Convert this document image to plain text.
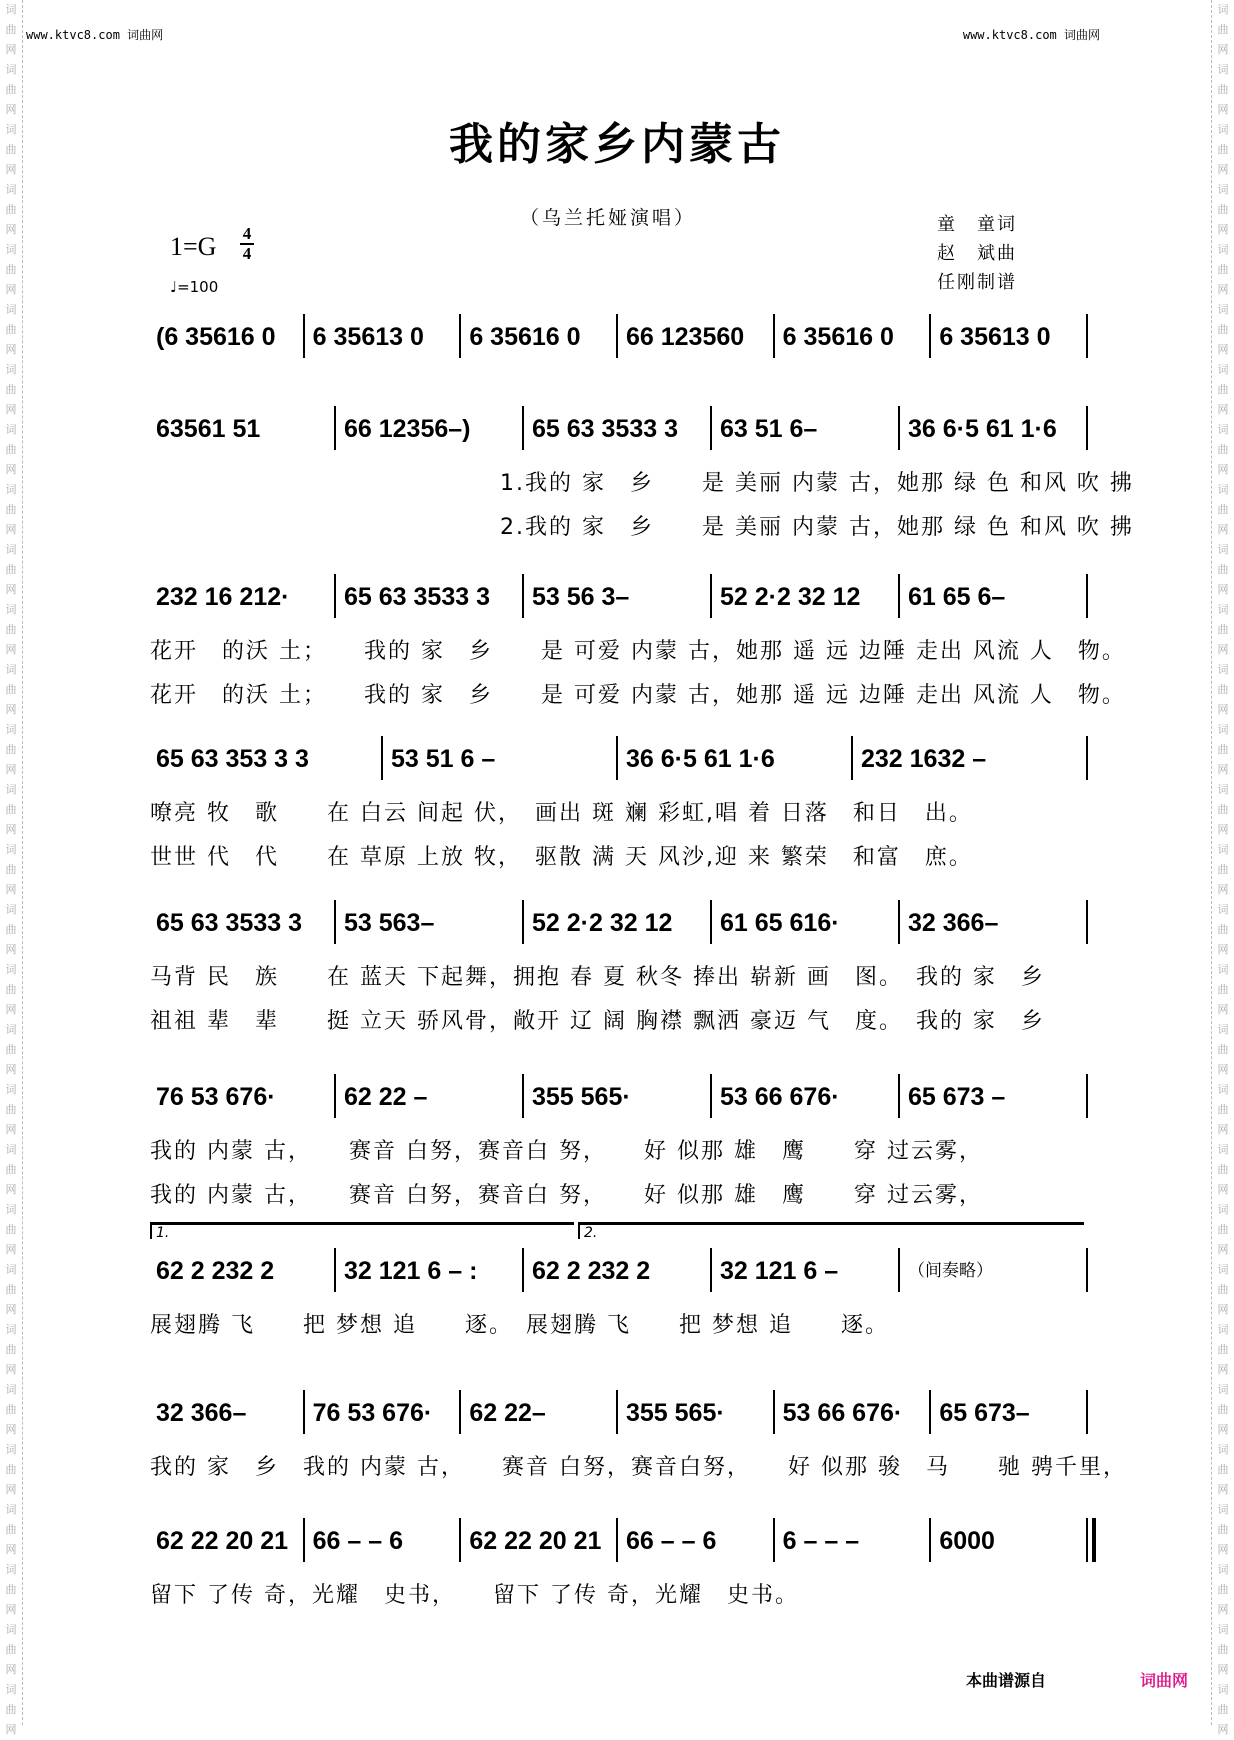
词
曲
网
词
曲
网
词
曲
网
词
曲
网
词
曲
网
词
曲
网
词
曲
网
词
曲
网
词
曲
网
词
曲
网
词
曲
网
词
曲
网
词
曲
网
词
曲
网
词
曲
网
词
曲
网
词
曲
网
词
曲
网
词
曲
网
词
曲
网
词
曲
网
词
曲
网
词
曲
网
词
曲
网
词
曲
网
词
曲
网
词
曲
网
词
曲
网
词
曲
网
词
曲
网
词
曲
网
词
曲
网
词
曲
网
词
曲
网
词
曲
网
词
曲
网
词
曲
网
词
曲
网
词
曲
网
词
曲
网
词
曲
网
词
曲
网
词
曲
网
词
曲
网
词
曲
网
词
曲
网
词
曲
网
词
曲
网
词
曲
网
词
曲
网
词
曲
网
词
曲
网
词
曲
网
词
曲
网
词
曲
网
词
曲
网
词
曲
网
词
曲
网
www.ktvc8.com 词曲网	www.ktvc8.com 词曲网
我的家乡内蒙古
（乌兰托娅演唱）	童　童词
赵　斌曲
任刚制谱
1=G 4
4
♩=100
(6 35616 0 6 35613 0 6 35616 0 66 123560 6 35616 0 6 35613 0
63561 51	66 12356–) 65 63 3533 3 63 51 6–	36 6·5 61 1·6
1.我的 家　乡　　是 美丽 内蒙 古，她那 绿 色 和风 吹 拂
2.我的 家　乡　　是 美丽 内蒙 古，她那 绿 色 和风 吹 拂
232 16 212· 65 63 3533 3 53 56 3–	52 2·2 32 12 61 65 6–
花开　的沃 土；　　我的 家　乡　　是 可爱 内蒙 古，她那 遥 远 边陲 走出 风流 人　物。
花开　的沃 土；　　我的 家　乡　　是 可爱 内蒙 古，她那 遥 远 边陲 走出 风流 人　物。
65 63 353 3 3	53 51 6 –	36 6·5 61 1·6	232 1632 –
嘹亮 牧　歌　　在 白云 间起 伏，　画出 斑 斓 彩虹,唱 着 日落　和日　出。
世世 代　代　　在 草原 上放 牧，　驱散 满 天 风沙,迎 来 繁荣　和富　庶。
65 63 3533 3 53 563–	52 2·2 32 12 61 65 616·	32 366–
马背 民　族　　在 蓝天 下起舞，拥抱 春 夏 秋冬 捧出 崭新 画　图。　我的 家　乡
祖祖 辈　辈　　挺 立天 骄风骨，敞开 辽 阔 胸襟 飘洒 豪迈 气　度。　我的 家　乡
76 53 676·	62 22 –	355 565·	53 66 676·	65 673 –
我的 内蒙 古，　　赛音 白努，赛音白 努，　　好 似那 雄　鹰　　穿 过云雾，
我的 内蒙 古，　　赛音 白努，赛音白 努，　　好 似那 雄　鹰　　穿 过云雾，
62 2 232 2	32 121 6 – : 62 2 232 2	32 121 6 –	（间奏略）
展翅腾 飞　　把 梦想 追　　逐。　展翅腾 飞　　把 梦想 追　　逐。
1.	2.
32 366–	76 53 676· 62 22–	355 565· 53 66 676· 65 673–
我的 家　乡　我的 内蒙 古，　　赛音 白努，赛音白努，　　好 似那 骏　马　　驰 骋千里，
62 22 20 21 66 – – 6	62 22 20 21 66 – – 6	6 – – –	6000
留下 了传 奇，光耀　史书，　　留下 了传 奇，光耀　史书。
本曲谱源自	词曲网
